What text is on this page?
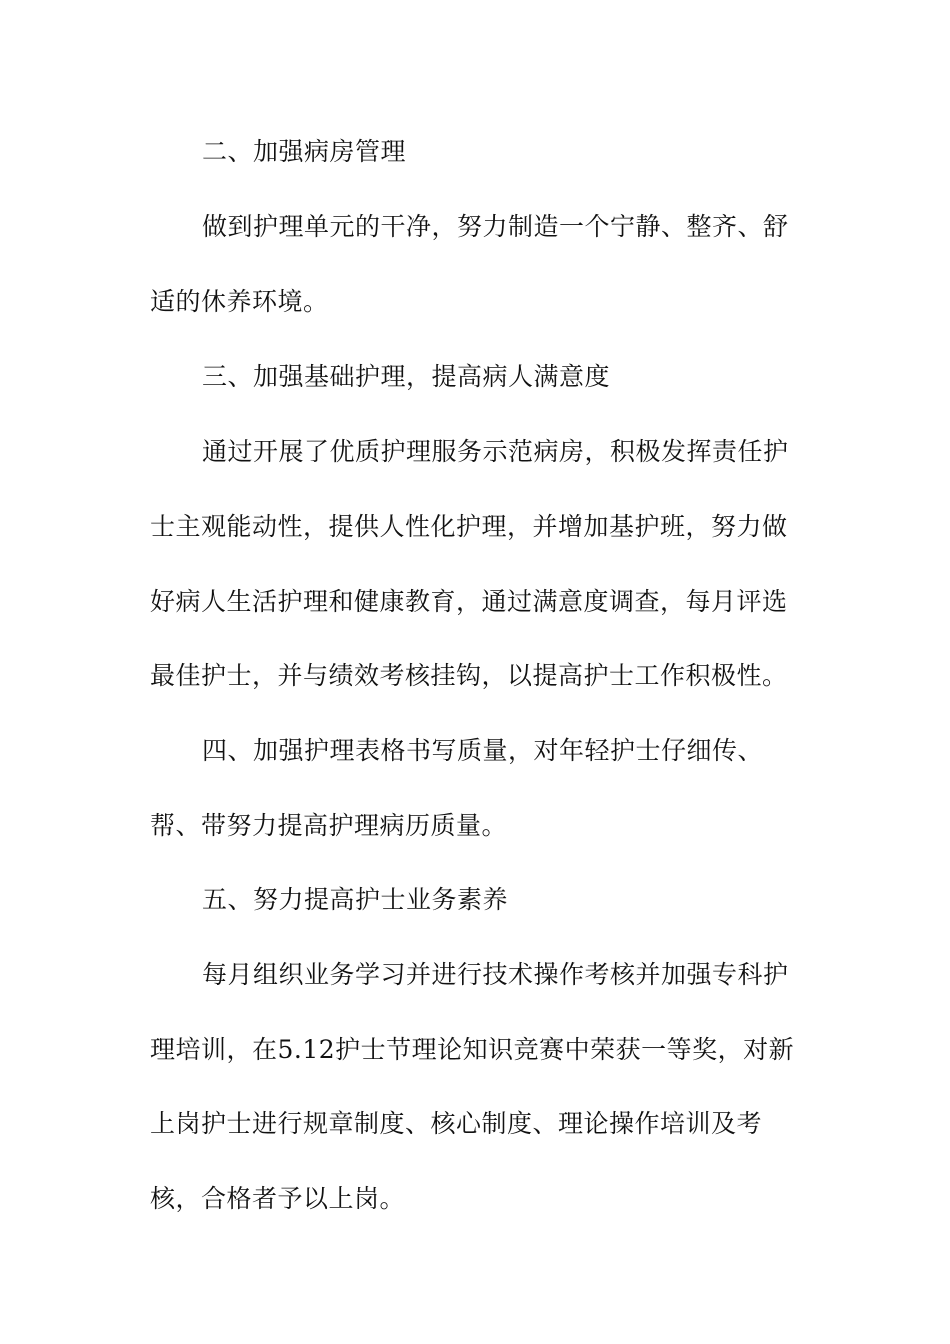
二、加强病房管理
做到护理单元的干净，努力制造一个宁静、整齐、舒
适的休养环境。
三、加强基础护理，提高病人满意度
通过开展了优质护理服务示范病房，积极发挥责任护
士主观能动性，提供人性化护理，并增加基护班，努力做
好病人生活护理和健康教育，通过满意度调查，每月评选
最佳护士，并与绩效考核挂钩，以提高护士工作积极性。
四、加强护理表格书写质量，对年轻护士仔细传、
帮、带努力提高护理病历质量。
五、努力提高护士业务素养
每月组织业务学习并进行技术操作考核并加强专科护
理培训，在5.12护士节理论知识竞赛中荣获一等奖，对新
上岗护士进行规章制度、核心制度、理论操作培训及考
核，合格者予以上岗。
